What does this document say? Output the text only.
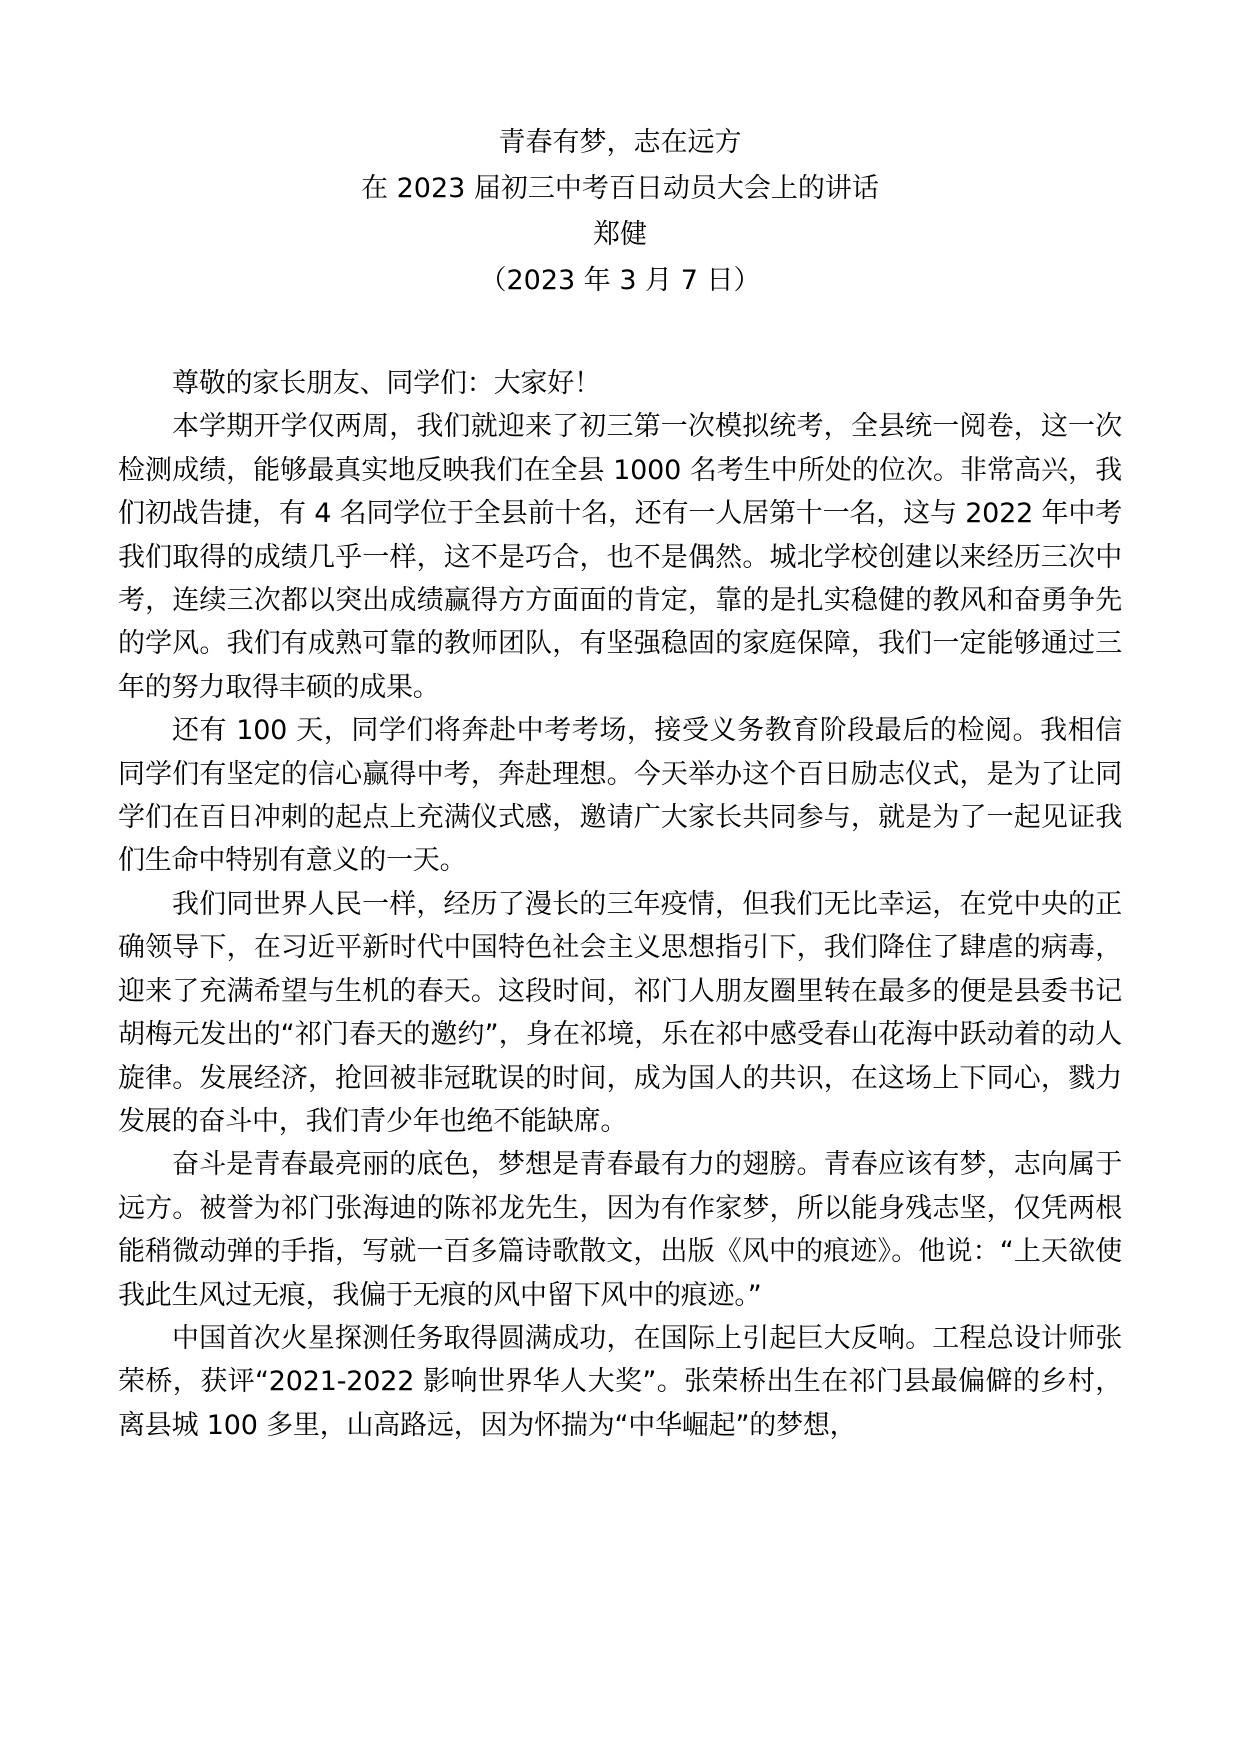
青春有梦，志在远方
在 2023 届初三中考百日动员大会上的讲话
郑健
（2023 年 3 月 7 日）

尊敬的家长朋友、同学们：大家好！

本学期开学仅两周，我们就迎来了初三第一次模拟统考，全县统一阅卷，这一次检测成绩，能够最真实地反映我们在全县 1000 名考生中所处的位次。非常高兴，我们初战告捷，有 4 名同学位于全县前十名，还有一人居第十一名，这与 2022 年中考我们取得的成绩几乎一样，这不是巧合，也不是偶然。城北学校创建以来经历三次中考，连续三次都以突出成绩赢得方方面面的肯定，靠的是扎实稳健的教风和奋勇争先的学风。我们有成熟可靠的教师团队，有坚强稳固的家庭保障，我们一定能够通过三年的努力取得丰硕的成果。

还有 100 天，同学们将奔赴中考考场，接受义务教育阶段最后的检阅。我相信同学们有坚定的信心赢得中考，奔赴理想。今天举办这个百日励志仪式，是为了让同学们在百日冲刺的起点上充满仪式感，邀请广大家长共同参与，就是为了一起见证我们生命中特别有意义的一天。

我们同世界人民一样，经历了漫长的三年疫情，但我们无比幸运，在党中央的正确领导下，在习近平新时代中国特色社会主义思想指引下，我们降住了肆虐的病毒，迎来了充满希望与生机的春天。这段时间，祁门人朋友圈里转在最多的便是县委书记胡梅元发出的“祁门春天的邀约”，身在祁境，乐在祁中感受春山花海中跃动着的动人旋律。发展经济，抢回被非冠耽误的时间，成为国人的共识，在这场上下同心，戮力发展的奋斗中，我们青少年也绝不能缺席。

奋斗是青春最亮丽的底色，梦想是青春最有力的翅膀。青春应该有梦，志向属于远方。被誉为祁门张海迪的陈祁龙先生，因为有作家梦，所以能身残志坚，仅凭两根能稍微动弹的手指，写就一百多篇诗歌散文，出版《风中的痕迹》。他说：“上天欲使我此生风过无痕，我偏于无痕的风中留下风中的痕迹。”

中国首次火星探测任务取得圆满成功，在国际上引起巨大反响。工程总设计师张荣桥，获评“2021-2022 影响世界华人大奖”。张荣桥出生在祁门县最偏僻的乡村，离县城 100 多里，山高路远，因为怀揣为“中华崛起”的梦想，
